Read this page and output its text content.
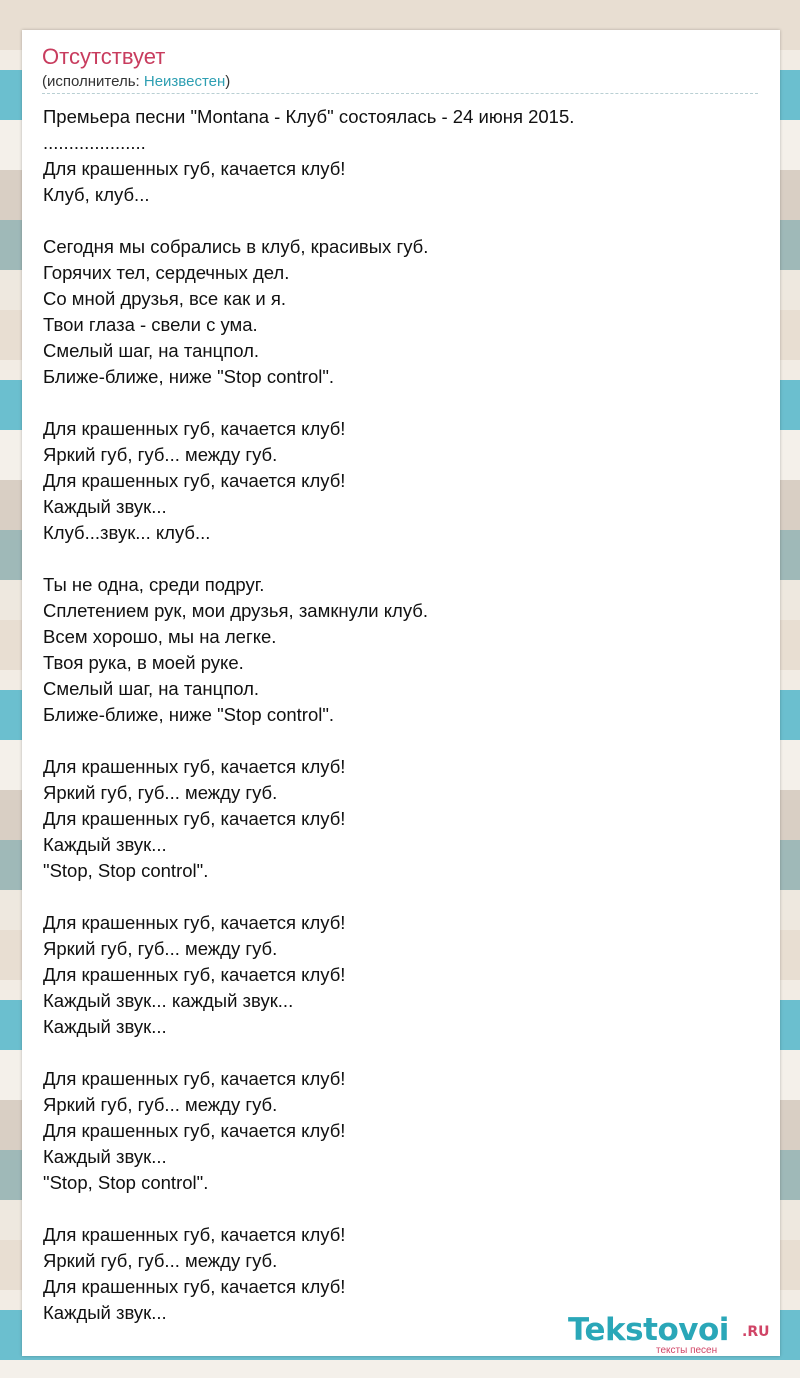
Отсутствует
(исполнитель: Неизвестен)
Премьера песни "Montana - Клуб" состоялась - 24 июня 2015.
....................
Для крашенных губ, качается клуб!
Клуб, клуб...

Сегодня мы собрались в клуб, красивых губ.
Горячих тел, сердечных дел.
Со мной друзья, все как и я.
Твои глаза - свели с ума.
Смелый шаг, на танцпол.
Ближе-ближе, ниже "Stop control".

Для крашенных губ, качается клуб!
Яркий губ, губ... между губ.
Для крашенных губ, качается клуб!
Каждый звук...
Клуб...звук... клуб...

Ты не одна, среди подруг.
Сплетением рук, мои друзья, замкнули клуб.
Всем хорошо, мы на легке.
Твоя рука, в моей руке.
Смелый шаг, на танцпол.
Ближе-ближе, ниже "Stop control".

Для крашенных губ, качается клуб!
Яркий губ, губ... между губ.
Для крашенных губ, качается клуб!
Каждый звук...
"Stop, Stop control".

Для крашенных губ, качается клуб!
Яркий губ, губ... между губ.
Для крашенных губ, качается клуб!
Каждый звук... каждый звук...
Каждый звук...

Для крашенных губ, качается клуб!
Яркий губ, губ... между губ.
Для крашенных губ, качается клуб!
Каждый звук...
"Stop, Stop control".

Для крашенных губ, качается клуб!
Яркий губ, губ... между губ.
Для крашенных губ, качается клуб!
Каждый звук...	Tekstovoi .RU
тексты песен
